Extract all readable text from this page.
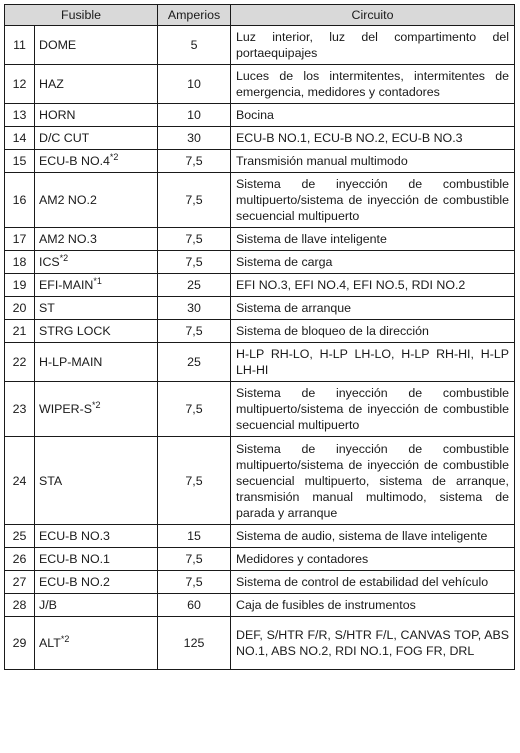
Fusible		Amperios	Circuito
11	DOME	5	Luz interior, luz del compartimento del portaequipajes
12	HAZ	10	Luces de los intermitentes, intermitentes de emergencia, medidores y contadores
13	HORN	10	Bocina
14	D/C CUT	30	ECU-B NO.1, ECU-B NO.2, ECU-B NO.3
15	ECU-B NO.4$^{*2}$	7,5	Transmisión manual multimodo
16	AM2 NO.2	7,5	Sistema de inyección de combustible multipuerto/sistema de inyección de combustible secuencial multipuerto
17	AM2 NO.3	7,5	Sistema de llave inteligente
18	ICS$^{*2}$	7,5	Sistema de carga
19	EFI-MAIN$^{*1}$	25	EFI NO.3, EFI NO.4, EFI NO.5, RDI NO.2
20	ST	30	Sistema de arranque
21	STRG LOCK	7,5	Sistema de bloqueo de la dirección
22	H-LP-MAIN	25	H-LP RH-LO, H-LP LH-LO, H-LP RH-HI, H-LP LH-HI
23	WIPER-S$^{*2}$	7,5	Sistema de inyección de combustible multipuerto/sistema de inyección de combustible secuencial multipuerto
24	STA	7,5	Sistema de inyección de combustible multipuerto/sistema de inyección de combustible secuencial multipuerto, sistema de arranque, transmisión manual multimodo, sistema de parada y arranque
25	ECU-B NO.3	15	Sistema de audio, sistema de llave inteligente
26	ECU-B NO.1	7,5	Medidores y contadores
27	ECU-B NO.2	7,5	Sistema de control de estabilidad del vehículo
28	J/B	60	Caja de fusibles de instrumentos
29	ALT$^{*2}$	125	DEF, S/HTR F/R, S/HTR F/L, CANVAS TOP, ABS NO.1, ABS NO.2, RDI NO.1, FOG FR, DRL
